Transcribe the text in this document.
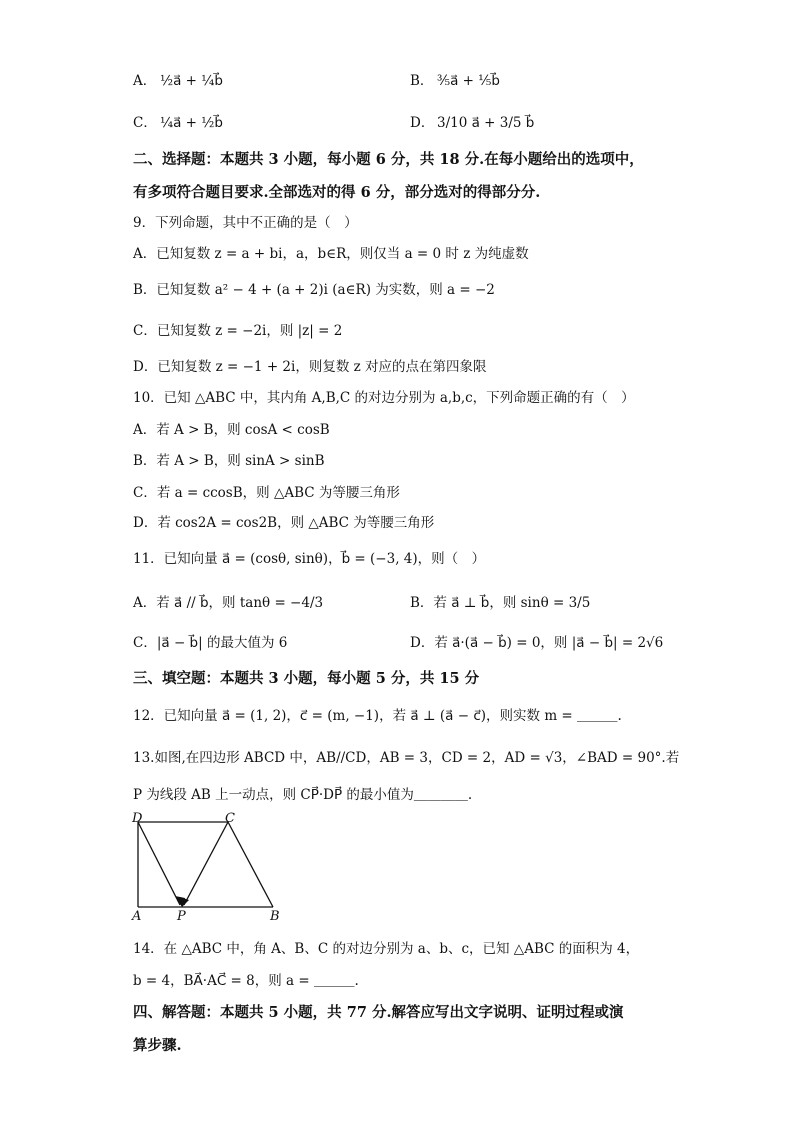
A． ½a⃗ + ¼b⃗	B． ⅗a⃗ + ⅕b⃗
C． ¼a⃗ + ½b⃗	D． 3/10 a⃗ + 3/5 b⃗
二、选择题：本题共 3 小题，每小题 6 分，共 18 分.在每小题给出的选项中，
有多项符合题目要求.全部选对的得 6 分，部分选对的得部分分.
9．下列命题，其中不正确的是（　）
A．已知复数 z = a + bi，a，b∈R，则仅当 a = 0 时 z 为纯虚数
B．已知复数 a² − 4 + (a + 2)i (a∈R) 为实数，则 a = −2
C．已知复数 z = −2i，则 |z| = 2
D．已知复数 z = −1 + 2i，则复数 z 对应的点在第四象限
10．已知 △ABC 中，其内角 A,B,C 的对边分别为 a,b,c，下列命题正确的有（　）
A．若 A > B，则 cosA < cosB
B．若 A > B，则 sinA > sinB
C．若 a = ccosB，则 △ABC 为等腰三角形
D．若 cos2A = cos2B，则 △ABC 为等腰三角形
11．已知向量 a⃗ = (cosθ, sinθ)，b⃗ = (−3, 4)，则（　）
A．若 a⃗ // b⃗，则 tanθ = −4/3	B．若 a⃗ ⊥ b⃗，则 sinθ = 3/5
C．|a⃗ − b⃗| 的最大值为 6	D．若 a⃗·(a⃗ − b⃗) = 0，则 |a⃗ − b⃗| = 2√6
三、填空题：本题共 3 小题，每小题 5 分，共 15 分
12．已知向量 a⃗ = (1, 2)，c⃗ = (m, −1)，若 a⃗ ⊥ (a⃗ − c⃗)，则实数 m = ＿＿＿.
13.如图,在四边形 ABCD 中，AB//CD，AB = 3，CD = 2，AD = √3，∠BAD = 90°.若
P 为线段 AB 上一动点，则 CP⃗·DP⃗ 的最小值为＿＿＿＿.
D	C
A	P	B
14．在 △ABC 中，角 A、B、C 的对边分别为 a、b、c，已知 △ABC 的面积为 4，
b = 4，BA⃗·AC⃗ = 8，则 a = ＿＿＿.
四、解答题：本题共 5 小题，共 77 分.解答应写出文字说明、证明过程或演
算步骤.
